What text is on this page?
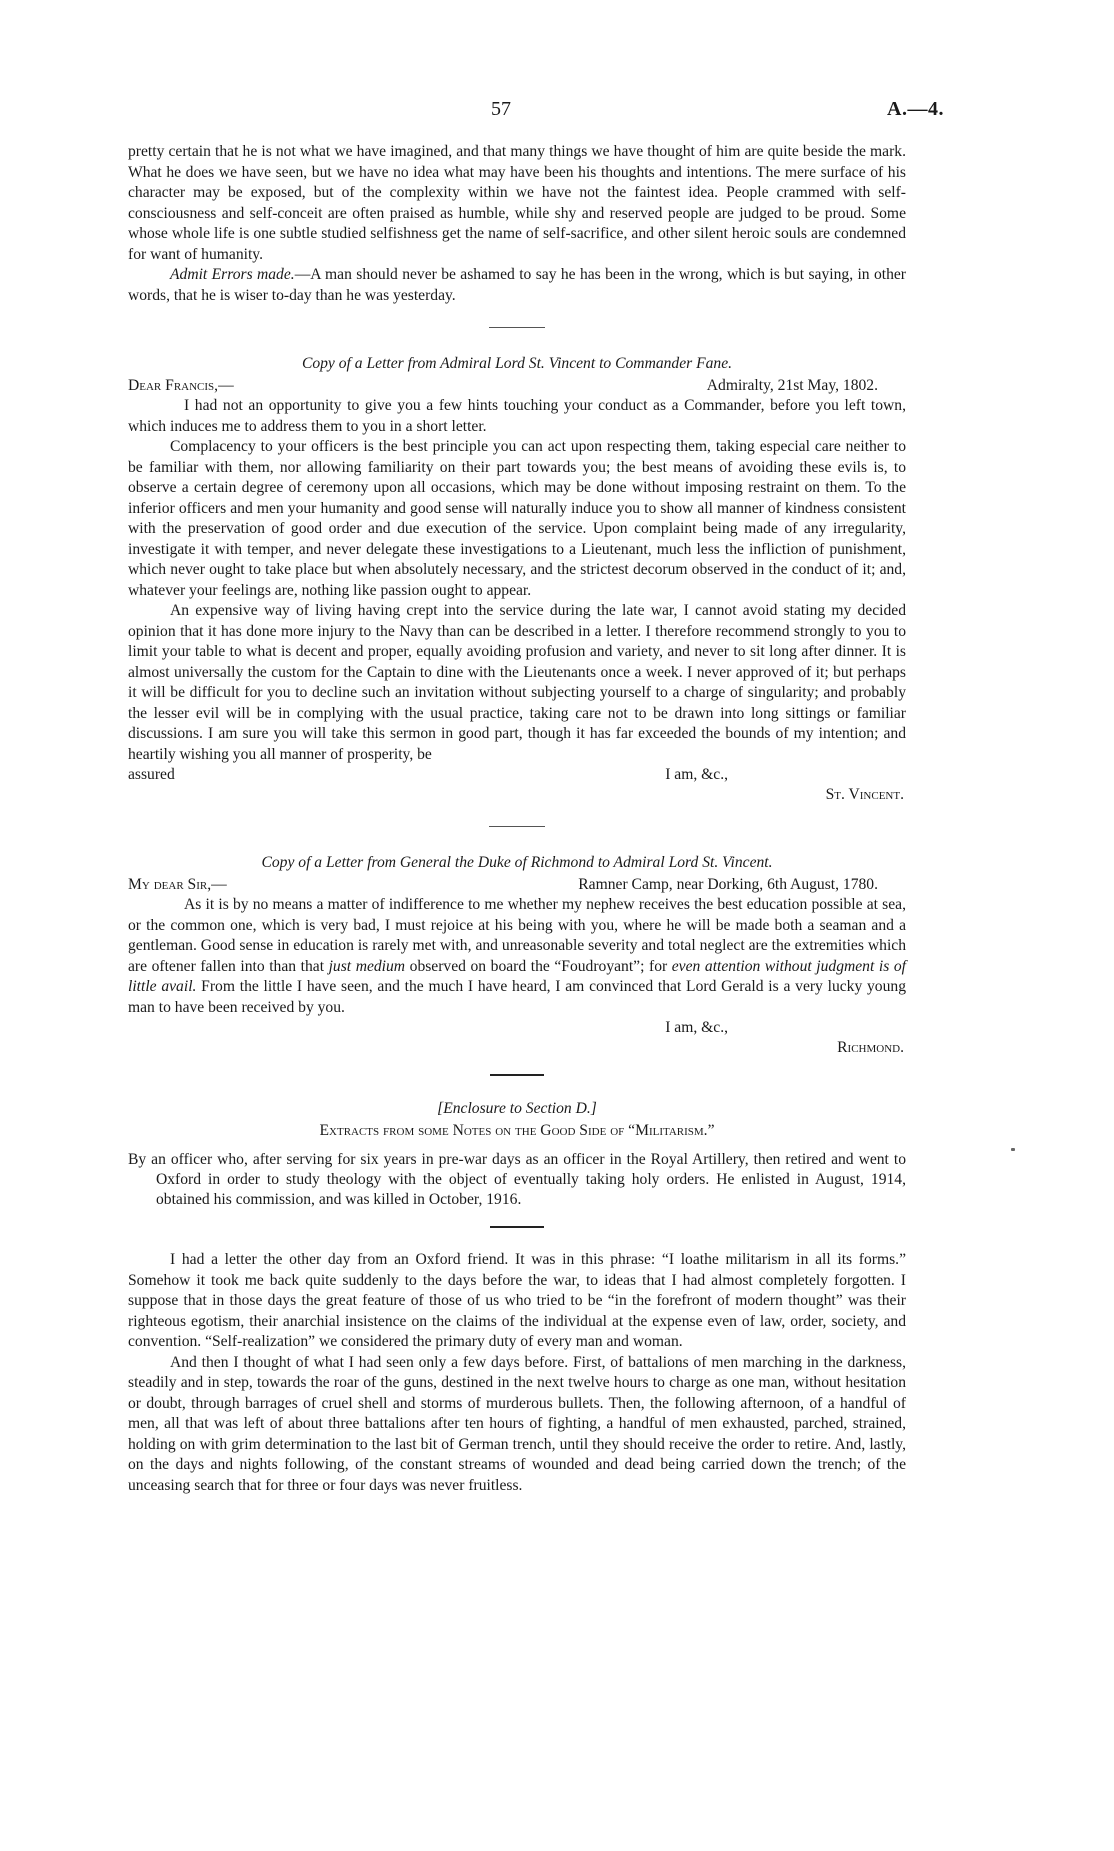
57	A.—4.

pretty certain that he is not what we have imagined, and that many things we have thought of him are quite beside the mark. What he does we have seen, but we have no idea what may have been his thoughts and intentions. The mere surface of his character may be exposed, but of the complexity within we have not the faintest idea. People crammed with self-consciousness and self-conceit are often praised as humble, while shy and reserved people are judged to be proud. Some whose whole life is one subtle studied selfishness get the name of self-sacrifice, and other silent heroic souls are condemned for want of humanity.

Admit Errors made.—A man should never be ashamed to say he has been in the wrong, which is but saying, in other words, that he is wiser to-day than he was yesterday.

Copy of a Letter from Admiral Lord St. Vincent to Commander Fane.
Dear Francis,—	Admiralty, 21st May, 1802.

I had not an opportunity to give you a few hints touching your conduct as a Commander, before you left town, which induces me to address them to you in a short letter.

Complacency to your officers is the best principle you can act upon respecting them, taking especial care neither to be familiar with them, nor allowing familiarity on their part towards you; the best means of avoiding these evils is, to observe a certain degree of ceremony upon all occasions, which may be done without imposing restraint on them. To the inferior officers and men your humanity and good sense will naturally induce you to show all manner of kindness consistent with the preservation of good order and due execution of the service. Upon complaint being made of any irregularity, investigate it with temper, and never delegate these investigations to a Lieutenant, much less the infliction of punishment, which never ought to take place but when absolutely necessary, and the strictest decorum observed in the conduct of it; and, whatever your feelings are, nothing like passion ought to appear.

An expensive way of living having crept into the service during the late war, I cannot avoid stating my decided opinion that it has done more injury to the Navy than can be described in a letter. I therefore recommend strongly to you to limit your table to what is decent and proper, equally avoiding profusion and variety, and never to sit long after dinner. It is almost universally the custom for the Captain to dine with the Lieutenants once a week. I never approved of it; but perhaps it will be difficult for you to decline such an invitation without subjecting yourself to a charge of singularity; and probably the lesser evil will be in complying with the usual practice, taking care not to be drawn into long sittings or familiar discussions. I am sure you will take this sermon in good part, though it has far exceeded the bounds of my intention; and heartily wishing you all manner of prosperity, be

assured	I am, &c.,
St. Vincent.
Copy of a Letter from General the Duke of Richmond to Admiral Lord St. Vincent.
My dear Sir,—	Ramner Camp, near Dorking, 6th August, 1780.

As it is by no means a matter of indifference to me whether my nephew receives the best education possible at sea, or the common one, which is very bad, I must rejoice at his being with you, where he will be made both a seaman and a gentleman. Good sense in education is rarely met with, and unreasonable severity and total neglect are the extremities which are oftener fallen into than that just medium observed on board the “Foudroyant”; for even attention without judgment is of little avail. From the little I have seen, and the much I have heard, I am convinced that Lord Gerald is a very lucky young man to have been received by you.

I am, &c.,
Richmond.
[Enclosure to Section D.]
Extracts from some Notes on the Good Side of “Militarism.”

By an officer who, after serving for six years in pre-war days as an officer in the Royal Artillery, then retired and went to Oxford in order to study theology with the object of eventually taking holy orders. He enlisted in August, 1914, obtained his commission, and was killed in October, 1916.

I had a letter the other day from an Oxford friend. It was in this phrase: “I loathe militarism in all its forms.” Somehow it took me back quite suddenly to the days before the war, to ideas that I had almost completely forgotten. I suppose that in those days the great feature of those of us who tried to be “in the forefront of modern thought” was their righteous egotism, their anarchial insistence on the claims of the individual at the expense even of law, order, society, and convention. “Self-realization” we considered the primary duty of every man and woman.

And then I thought of what I had seen only a few days before. First, of battalions of men marching in the darkness, steadily and in step, towards the roar of the guns, destined in the next twelve hours to charge as one man, without hesitation or doubt, through barrages of cruel shell and storms of murderous bullets. Then, the following afternoon, of a handful of men, all that was left of about three battalions after ten hours of fighting, a handful of men exhausted, parched, strained, holding on with grim determination to the last bit of German trench, until they should receive the order to retire. And, lastly, on the days and nights following, of the constant streams of wounded and dead being carried down the trench; of the unceasing search that for three or four days was never fruitless.
